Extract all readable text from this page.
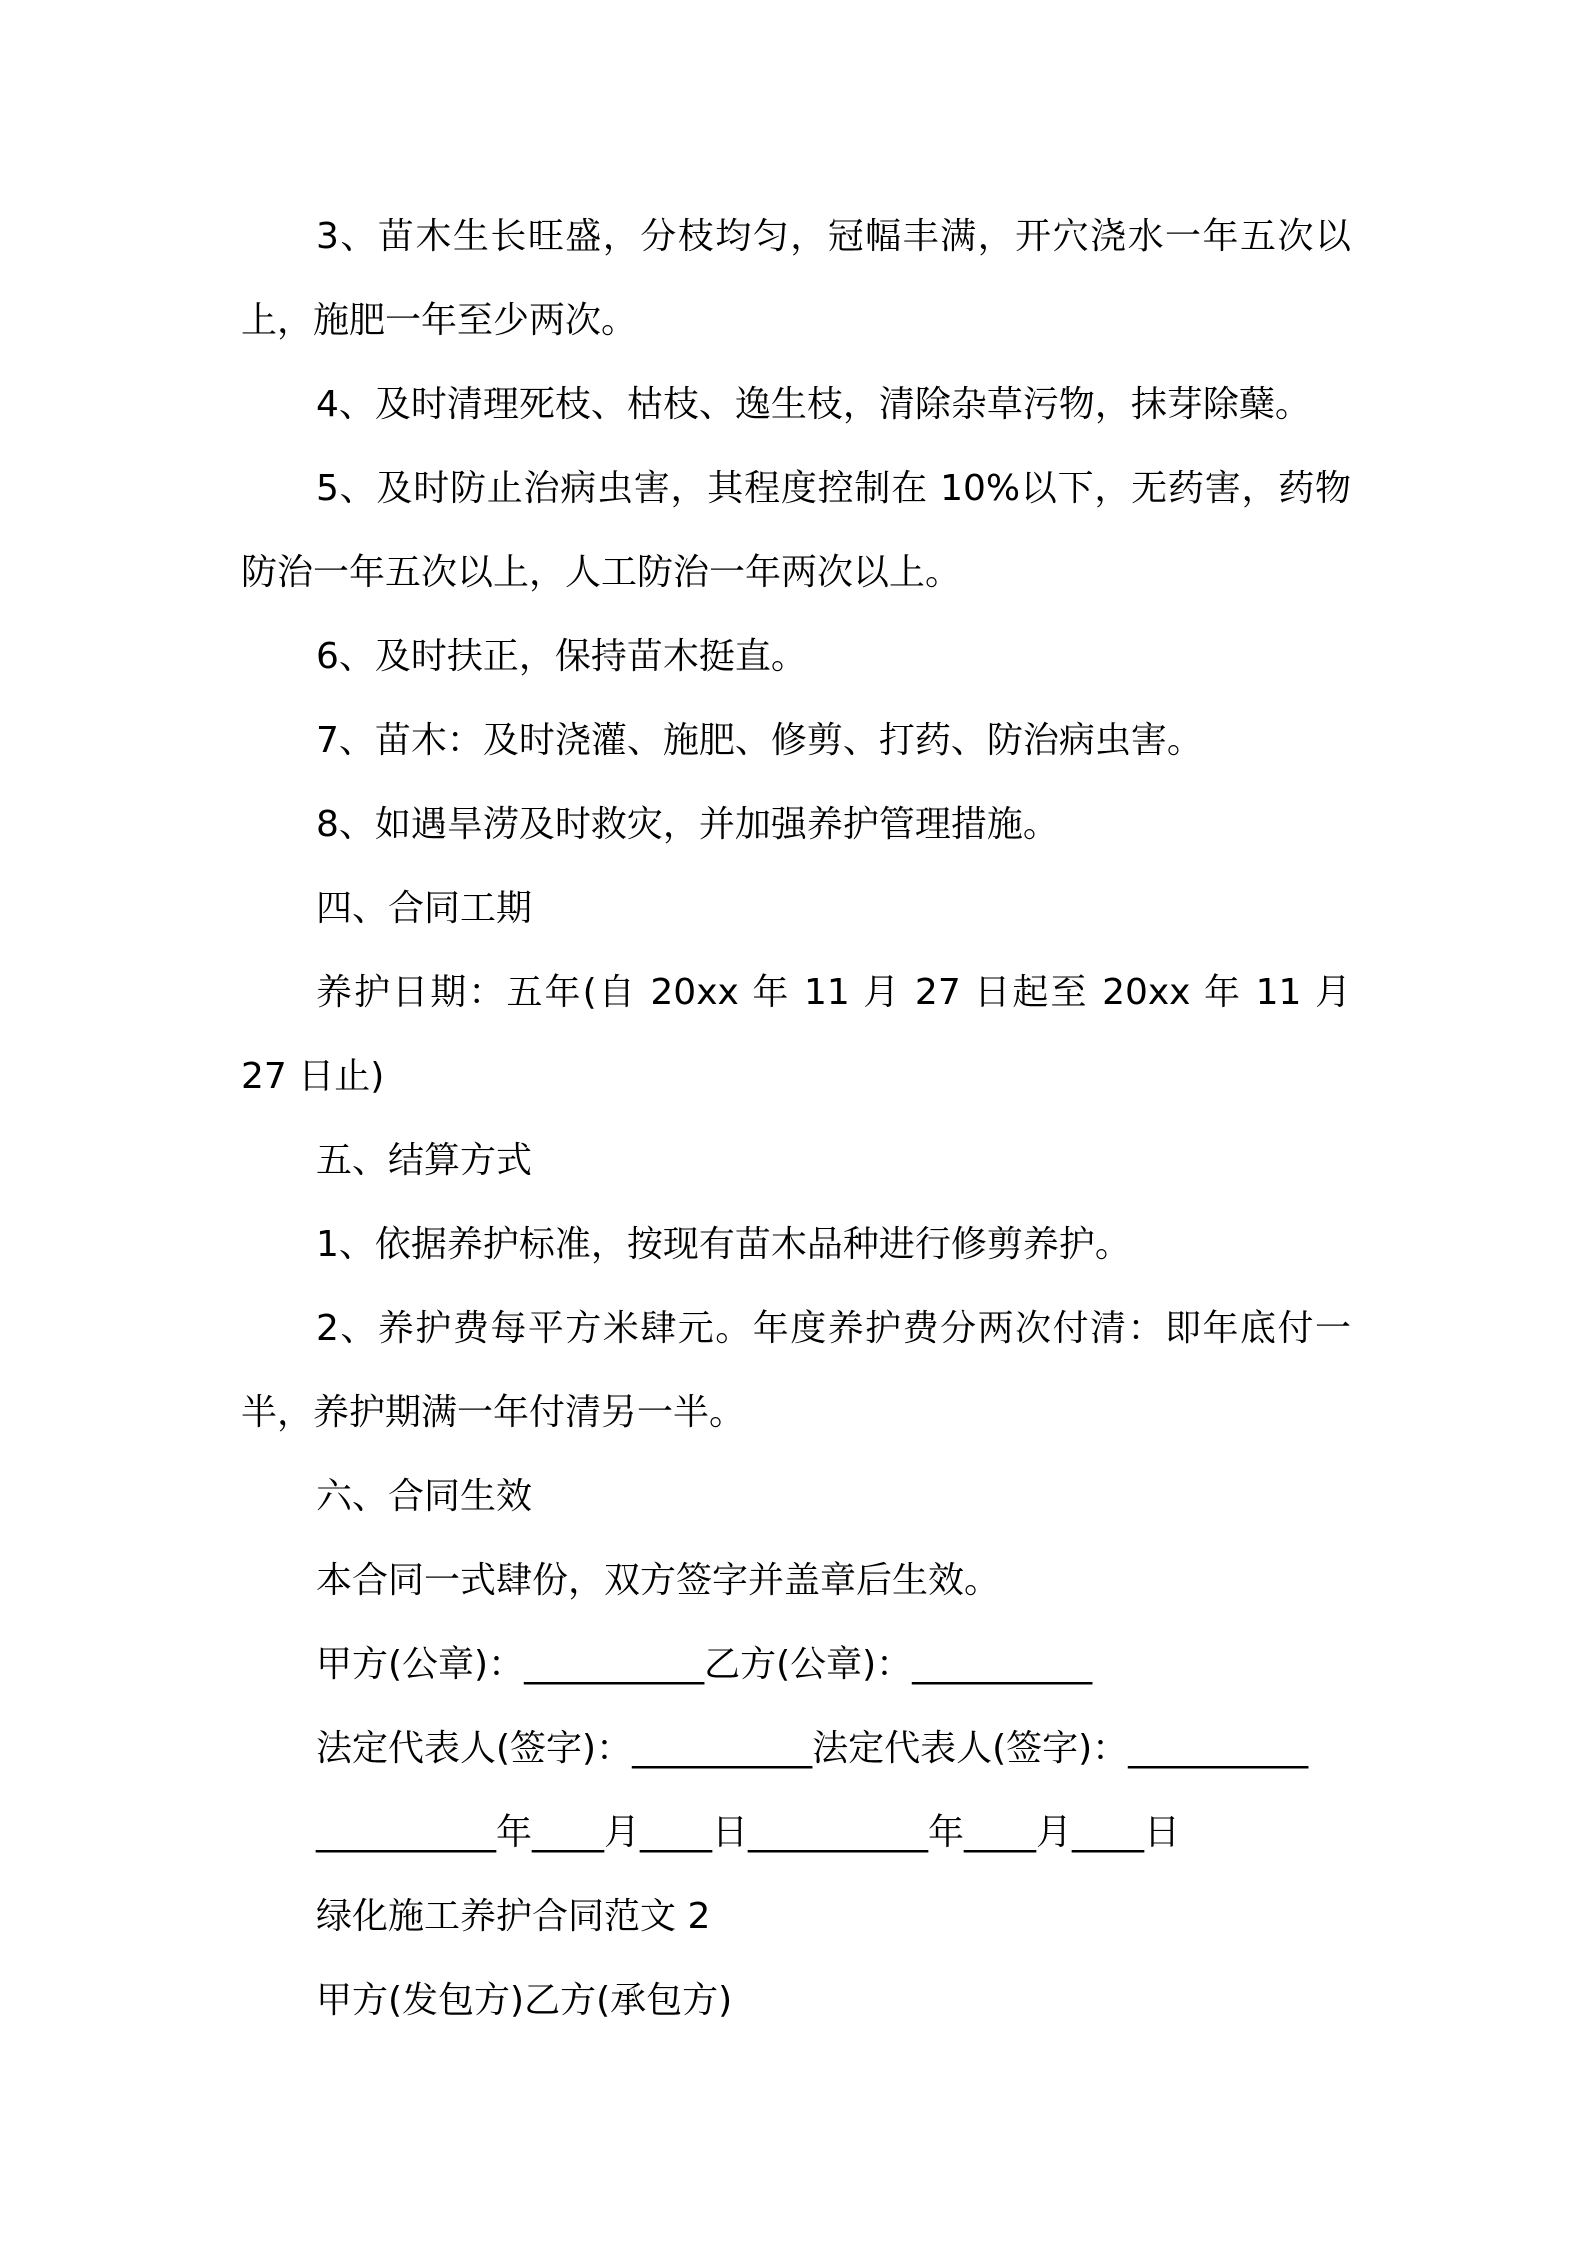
3、苗木生长旺盛，分枝均匀，冠幅丰满，开穴浇水一年五次以上，施肥一年至少两次。

4、及时清理死枝、枯枝、逸生枝，清除杂草污物，抹芽除蘖。

5、及时防止治病虫害，其程度控制在 10%以下，无药害，药物防治一年五次以上，人工防治一年两次以上。

6、及时扶正，保持苗木挺直。

7、苗木：及时浇灌、施肥、修剪、打药、防治病虫害。

8、如遇旱涝及时救灾，并加强养护管理措施。

四、合同工期

养护日期：五年(自 20xx 年 11 月 27 日起至 20xx 年 11 月 27 日止)

五、结算方式

1、依据养护标准，按现有苗木品种进行修剪养护。

2、养护费每平方米肆元。年度养护费分两次付清：即年底付一半，养护期满一年付清另一半。

六、合同生效

本合同一式肆份，双方签字并盖章后生效。

甲方(公章)：__________乙方(公章)：__________

法定代表人(签字)：__________法定代表人(签字)：__________

__________年____月____日__________年____月____日

绿化施工养护合同范文 2

甲方(发包方)乙方(承包方)
